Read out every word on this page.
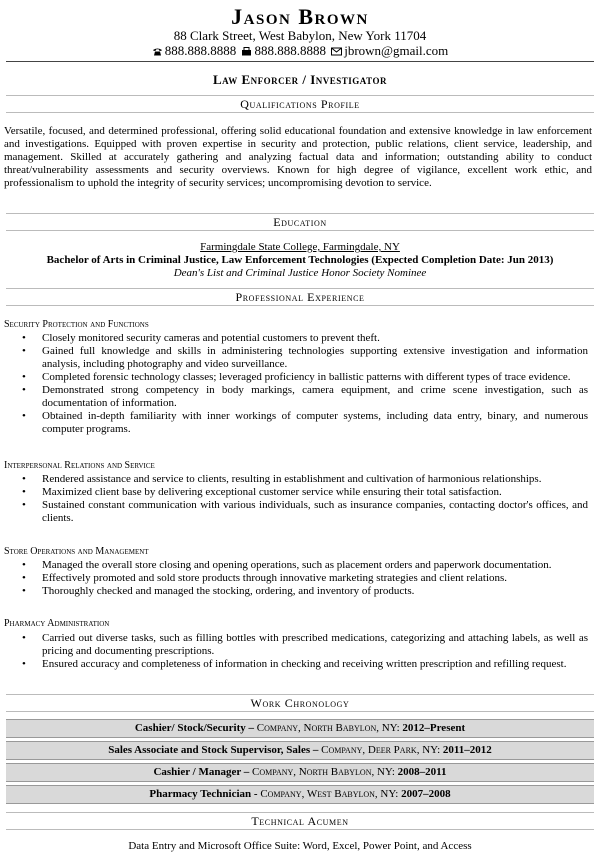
Jason Brown
88 Clark Street, West Babylon, New York 11704
888.888.8888 888.888.8888 jbrown@gmail.com
Law Enforcer / Investigator
Qualifications Profile
Versatile, focused, and determined professional, offering solid educational foundation and extensive knowledge in law enforcement and investigations. Equipped with proven expertise in security and protection, public relations, client service, leadership, and management. Skilled at accurately gathering and analyzing factual data and information; outstanding ability to conduct threat/vulnerability assessments and security overviews. Known for high degree of vigilance, excellent work ethic, and professionalism to uphold the integrity of security services; uncompromising devotion to service.
Education
Farmingdale State College, Farmingdale, NY
Bachelor of Arts in Criminal Justice, Law Enforcement Technologies (Expected Completion Date: Jun 2013)
Dean's List and Criminal Justice Honor Society Nominee
Professional Experience
Security Protection and Functions
• Closely monitored security cameras and potential customers to prevent theft.
• Gained full knowledge and skills in administering technologies supporting extensive investigation and information analysis, including photography and video surveillance.
• Completed forensic technology classes; leveraged proficiency in ballistic patterns with different types of trace evidence.
• Demonstrated strong competency in body markings, camera equipment, and crime scene investigation, such as documentation of information.
• Obtained in-depth familiarity with inner workings of computer systems, including data entry, binary, and numerous computer programs.
Interpersonal Relations and Service
• Rendered assistance and service to clients, resulting in establishment and cultivation of harmonious relationships.
• Maximized client base by delivering exceptional customer service while ensuring their total satisfaction.
• Sustained constant communication with various individuals, such as insurance companies, contacting doctor's offices, and clients.
Store Operations and Management
• Managed the overall store closing and opening operations, such as placement orders and paperwork documentation.
• Effectively promoted and sold store products through innovative marketing strategies and client relations.
• Thoroughly checked and managed the stocking, ordering, and inventory of products.
Pharmacy Administration
• Carried out diverse tasks, such as filling bottles with prescribed medications, categorizing and attaching labels, as well as pricing and documenting prescriptions.
• Ensured accuracy and completeness of information in checking and receiving written prescription and refilling request.
Work Chronology
Cashier/ Stock/Security – Company, North Babylon, NY: 2012–Present
Sales Associate and Stock Supervisor, Sales – Company, Deer Park, NY: 2011–2012
Cashier / Manager – Company, North Babylon, NY: 2008–2011
Pharmacy Technician - Company, West Babylon, NY: 2007–2008
Technical Acumen
Data Entry and Microsoft Office Suite: Word, Excel, Power Point, and Access
